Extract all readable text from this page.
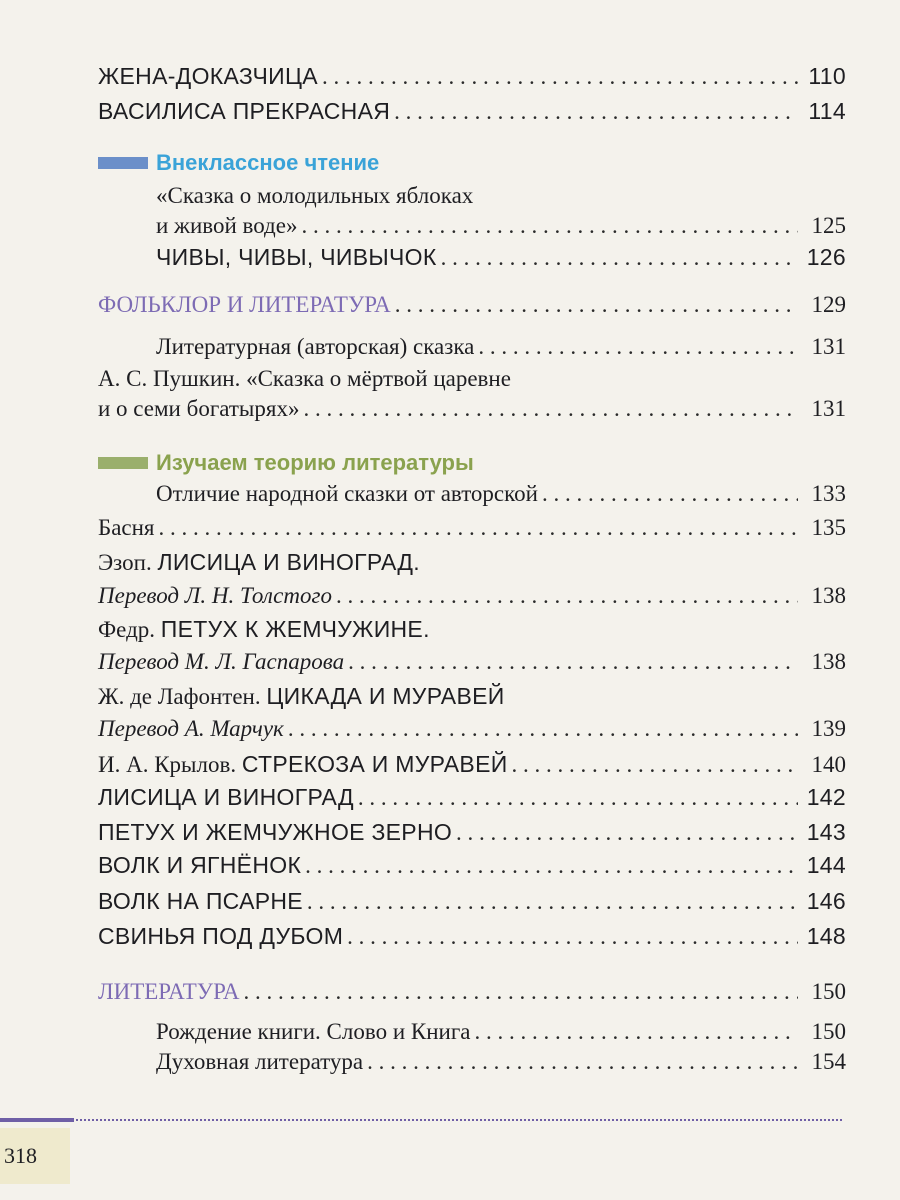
ЖЕНА-ДОКАЗЧИЦА . . .	110
ВАСИЛИСА ПРЕКРАСНАЯ . . .	114
Внеклассное чтение
«Сказка о молодильных яблоках
и живой воде» . . .	125
ЧИВЫ, ЧИВЫ, ЧИВЫЧОК . . .	126
ФОЛЬКЛОР И ЛИТЕРАТУРА . . .	129
Литературная (авторская) сказка . . .	131
А. С. Пушкин. «Сказка о мёртвой царевне
и о семи богатырях» . . .	131
Изучаем теорию литературы
Отличие народной сказки от авторской . . .	133
Басня . . .	135
Эзоп. ЛИСИЦА И ВИНОГРАД.
Перевод Л. Н. Толстого . . .	138
Федр. ПЕТУХ К ЖЕМЧУЖИНЕ.
Перевод М. Л. Гаспарова . . .	138
Ж. де Лафонтен. ЦИКАДА И МУРАВЕЙ
Перевод А. Марчук . . .	139
И. А. Крылов. СТРЕКОЗА И МУРАВЕЙ . . .	140
ЛИСИЦА И ВИНОГРАД . . .	142
ПЕТУХ И ЖЕМЧУЖНОЕ ЗЕРНО . . .	143
ВОЛК И ЯГНЁНОК . . .	144
ВОЛК НА ПСАРНЕ . . .	146
СВИНЬЯ ПОД ДУБОМ . . .	148
ЛИТЕРАТУРА . . .	150
Рождение книги. Слово и Книга . . .	150
Духовная литература . . .	154
318
